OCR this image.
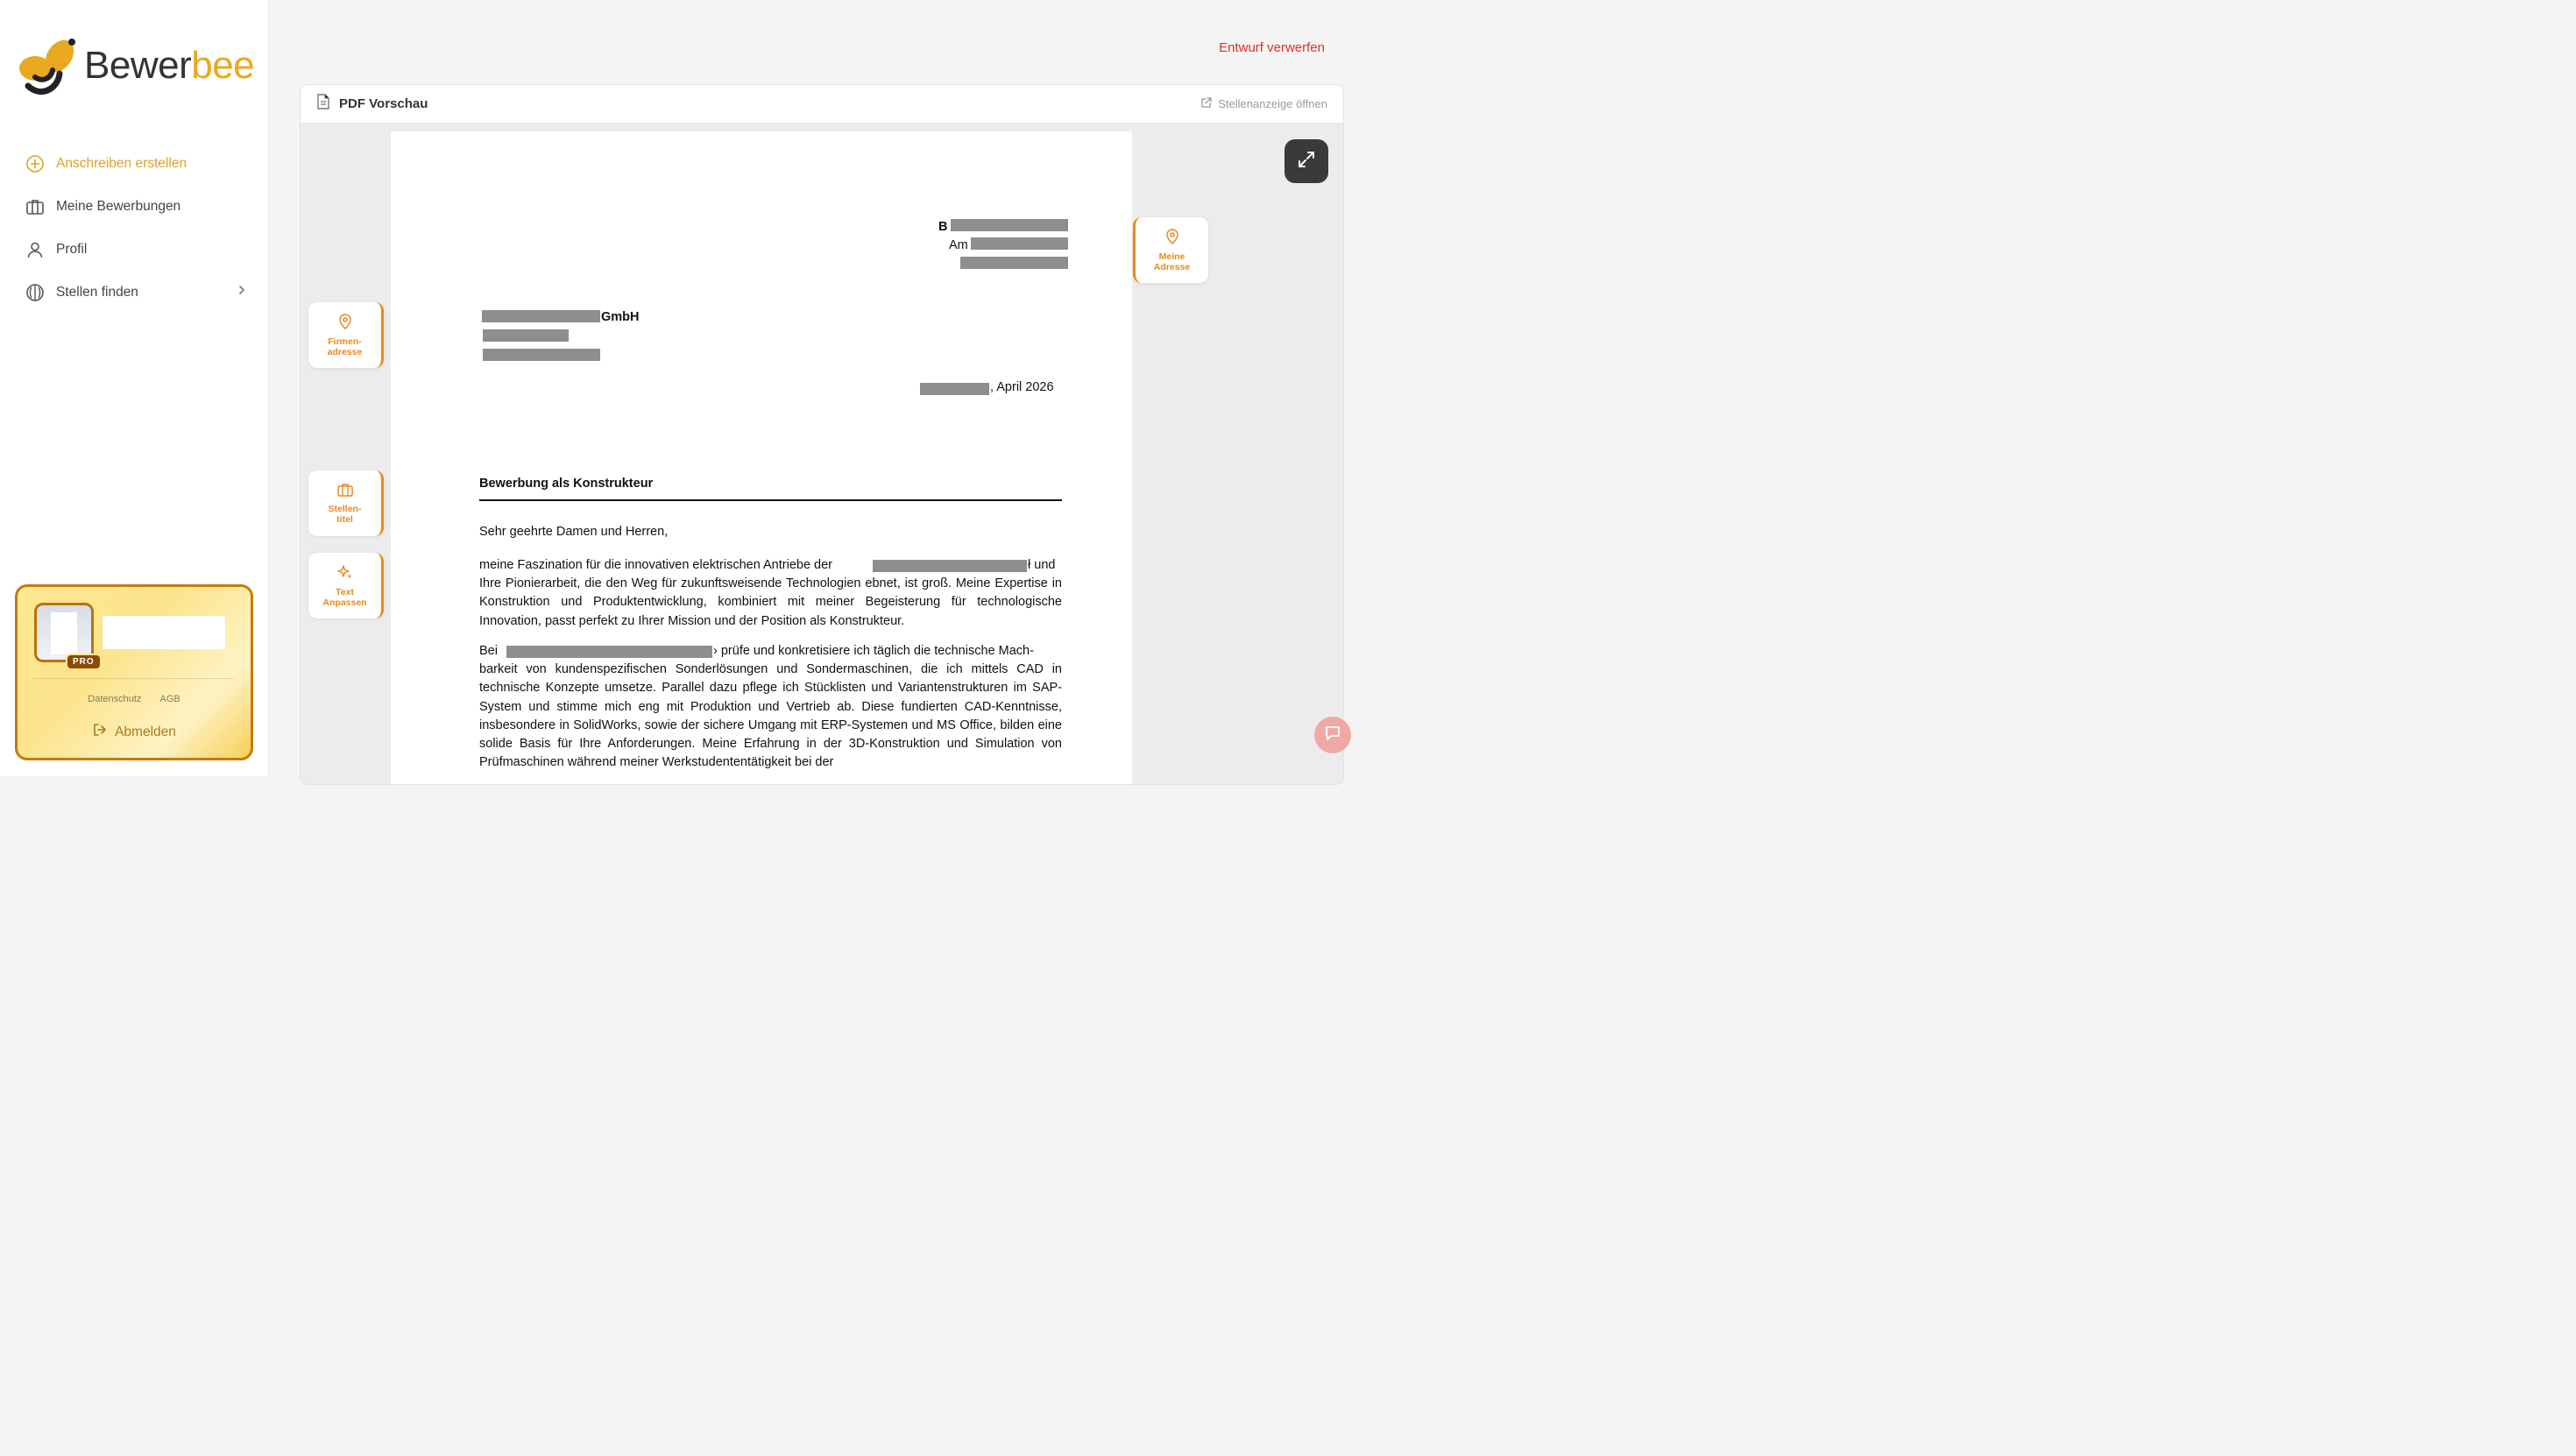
Bewerbee
Anschreiben erstellen
Meine Bewerbungen
Profil
Stellen finden
PRO
Datenschutz AGB
Abmelden
Entwurf verwerfen
PDF Vorschau	Stellenanzeige öffnen
B
Am
GmbH
, April 2026
Bewerbung als Konstrukteur
Sehr geehrte Damen und Herren,
meine Faszination für die innovativen elektrischen Antriebe der	ł und
Ihre Pionierarbeit, die den Weg für zukunftsweisende Technologien ebnet, ist groß. Meine Expertise in Konstruktion und Produktentwicklung, kombiniert mit meiner Begeisterung für technologische Innovation, passt perfekt zu Ihrer Mission und der Position als Konstrukteur.
Bei	› prüfe und konkretisiere ich täglich die technische Mach-
barkeit von kundenspezifischen Sonderlösungen und Sondermaschinen, die ich mittels CAD in technische Konzepte umsetze. Parallel dazu pflege ich Stücklisten und Variantenstrukturen im SAP-System und stimme mich eng mit Produktion und Vertrieb ab. Diese fundierten CAD-Kenntnisse, insbesondere in SolidWorks, sowie der sichere Umgang mit ERP-Systemen und MS Office, bilden eine solide Basis für Ihre Anforderungen. Meine Erfahrung in der 3D-Konstruktion und Simulation von Prüfmaschinen während meiner Werkstudententätigkeit bei der
Firmen-
adresse
Stellen-
titel
Text
Anpassen
Meine
Adresse
